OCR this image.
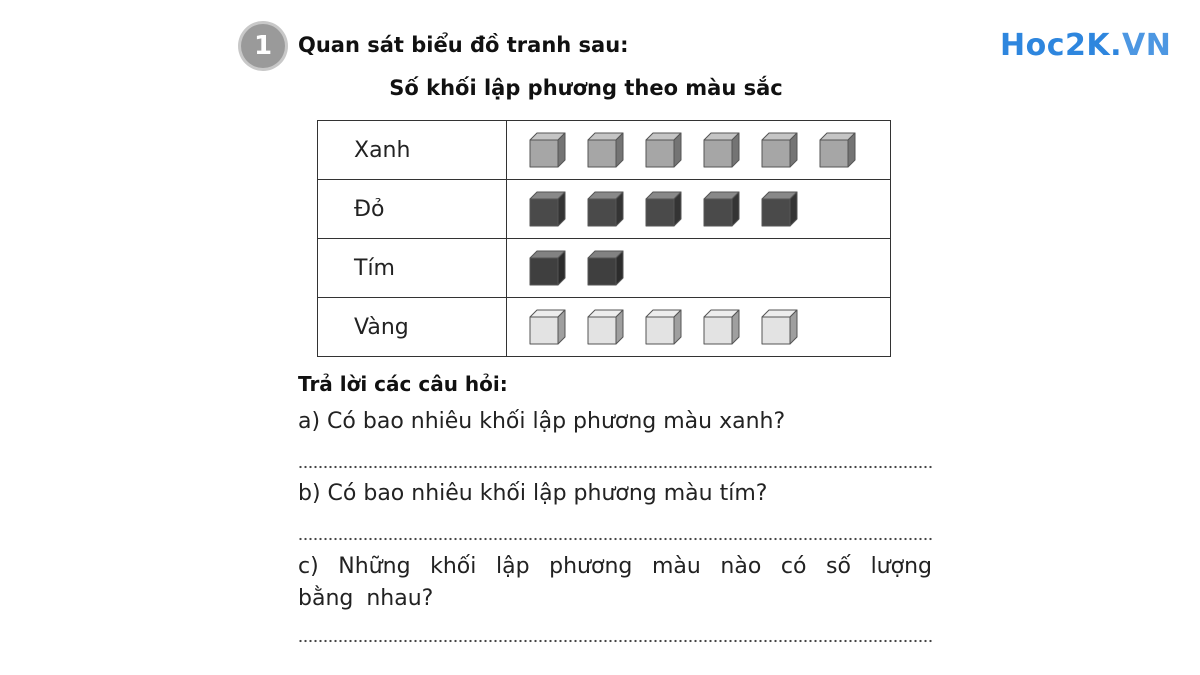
1 Quan sát biểu đồ tranh sau:	Hoc2K.VN
Số khối lập phương theo màu sắc
Xanh	

Đỏ	

Tím	

Vàng	
Trả lời các câu hỏi:
a) Có bao nhiêu khối lập phương màu xanh?
b) Có bao nhiêu khối lập phương màu tím?
c) Những khối lập phương màu nào có số lượng bằng nhau?
